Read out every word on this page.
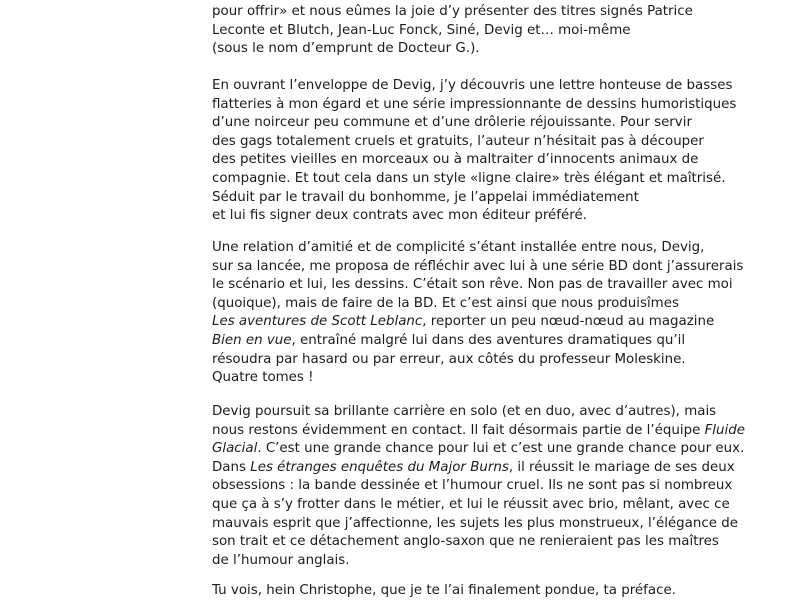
pour offrir» et nous eûmes la joie d’y présenter des titres signés Patrice
Leconte et Blutch, Jean-Luc Fonck, Siné, Devig et… moi-même
(sous le nom d’emprunt de Docteur G.).
En ouvrant l’enveloppe de Devig, j’y découvris une lettre honteuse de basses
flatteries à mon égard et une série impressionnante de dessins humoristiques
d’une noirceur peu commune et d’une drôlerie réjouissante. Pour servir
des gags totalement cruels et gratuits, l’auteur n’hésitait pas à découper
des petites vieilles en morceaux ou à maltraiter d’innocents animaux de
compagnie. Et tout cela dans un style «ligne claire» très élégant et maîtrisé.
Séduit par le travail du bonhomme, je l’appelai immédiatement
et lui fis signer deux contrats avec mon éditeur préféré.
Une relation d’amitié et de complicité s’étant installée entre nous, Devig,
sur sa lancée, me proposa de réfléchir avec lui à une série BD dont j’assurerais
le scénario et lui, les dessins. C’était son rêve. Non pas de travailler avec moi
(quoique), mais de faire de la BD. Et c’est ainsi que nous produisîmes
Les aventures de Scott Leblanc, reporter un peu nœud-nœud au magazine
Bien en vue, entraîné malgré lui dans des aventures dramatiques qu’il
résoudra par hasard ou par erreur, aux côtés du professeur Moleskine.
Quatre tomes !
Devig poursuit sa brillante carrière en solo (et en duo, avec d’autres), mais
nous restons évidemment en contact. Il fait désormais partie de l’équipe Fluide
Glacial. C’est une grande chance pour lui et c’est une grande chance pour eux.
Dans Les étranges enquêtes du Major Burns, il réussit le mariage de ses deux
obsessions : la bande dessinée et l’humour cruel. Ils ne sont pas si nombreux
que ça à s’y frotter dans le métier, et lui le réussit avec brio, mêlant, avec ce
mauvais esprit que j’affectionne, les sujets les plus monstrueux, l’élégance de
son trait et ce détachement anglo-saxon que ne renieraient pas les maîtres
de l’humour anglais.
Tu vois, hein Christophe, que je te l’ai finalement pondue, ta préface.
